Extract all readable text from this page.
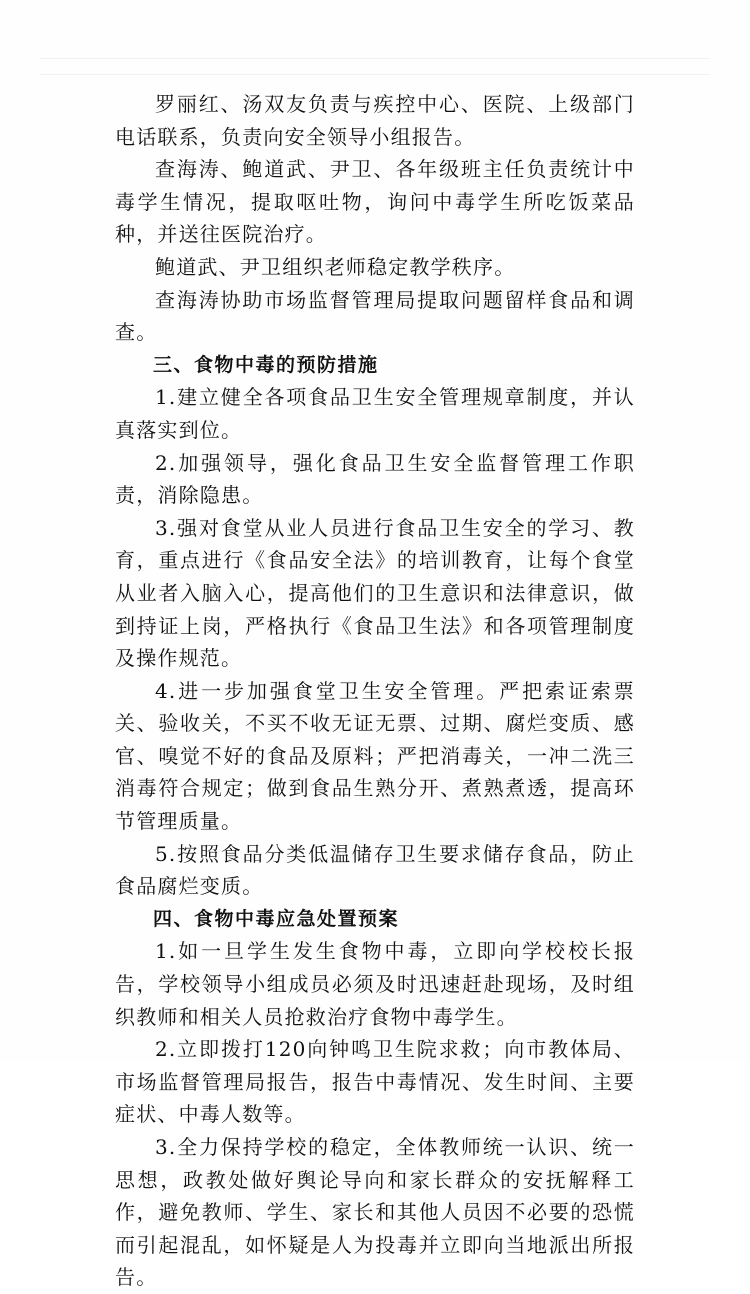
罗丽红、汤双友负责与疾控中心、医院、上级部门电话联系，负责向安全领导小组报告。

查海涛、鲍道武、尹卫、各年级班主任负责统计中毒学生情况，提取呕吐物，询问中毒学生所吃饭菜品种，并送往医院治疗。

鲍道武、尹卫组织老师稳定教学秩序。

查海涛协助市场监督管理局提取问题留样食品和调查。

三、食物中毒的预防措施

1.建立健全各项食品卫生安全管理规章制度，并认真落实到位。

2.加强领导，强化食品卫生安全监督管理工作职责，消除隐患。

3.强对食堂从业人员进行食品卫生安全的学习、教育，重点进行《食品安全法》的培训教育，让每个食堂从业者入脑入心，提高他们的卫生意识和法律意识，做到持证上岗，严格执行《食品卫生法》和各项管理制度及操作规范。

4.进一步加强食堂卫生安全管理。严把索证索票关、验收关，不买不收无证无票、过期、腐烂变质、感官、嗅觉不好的食品及原料；严把消毒关，一冲二洗三消毒符合规定；做到食品生熟分开、煮熟煮透，提高环节管理质量。

5.按照食品分类低温储存卫生要求储存食品，防止食品腐烂变质。

四、食物中毒应急处置预案

1.如一旦学生发生食物中毒，立即向学校校长报告，学校领导小组成员必须及时迅速赶赴现场，及时组织教师和相关人员抢救治疗食物中毒学生。

2.立即拨打120向钟鸣卫生院求救；向市教体局、市场监督管理局报告，报告中毒情况、发生时间、主要症状、中毒人数等。

3.全力保持学校的稳定，全体教师统一认识、统一思想，政教处做好舆论导向和家长群众的安抚解释工作，避免教师、学生、家长和其他人员因不必要的恐慌而引起混乱，如怀疑是人为投毒并立即向当地派出所报告。
